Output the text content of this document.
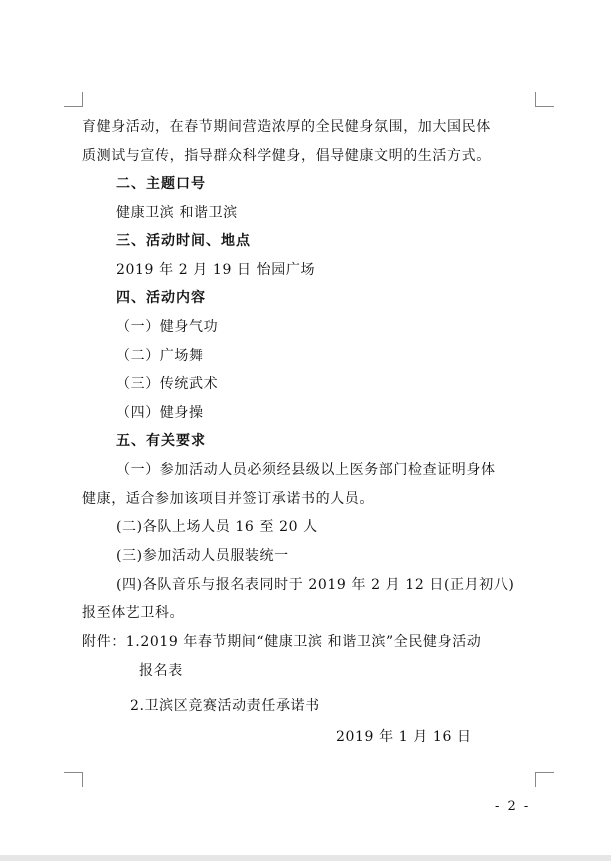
育健身活动，在春节期间营造浓厚的全民健身氛围，加大国民体
质测试与宣传，指导群众科学健身，倡导健康文明的生活方式。
二、主题口号
健康卫滨 和谐卫滨
三、活动时间、地点
2019 年 2 月 19 日 怡园广场
四、活动内容
（一）健身气功
（二）广场舞
（三）传统武术
（四）健身操
五、有关要求
（一）参加活动人员必须经县级以上医务部门检查证明身体
健康，适合参加该项目并签订承诺书的人员。
(二)各队上场人员 16 至 20 人
(三)参加活动人员服装统一
(四)各队音乐与报名表同时于 2019 年 2 月 12 日(正月初八)
报至体艺卫科。
附件：1.2019 年春节期间“健康卫滨 和谐卫滨”全民健身活动
报名表
2.卫滨区竞赛活动责任承诺书
2019 年 1 月 16 日
- 2 -
